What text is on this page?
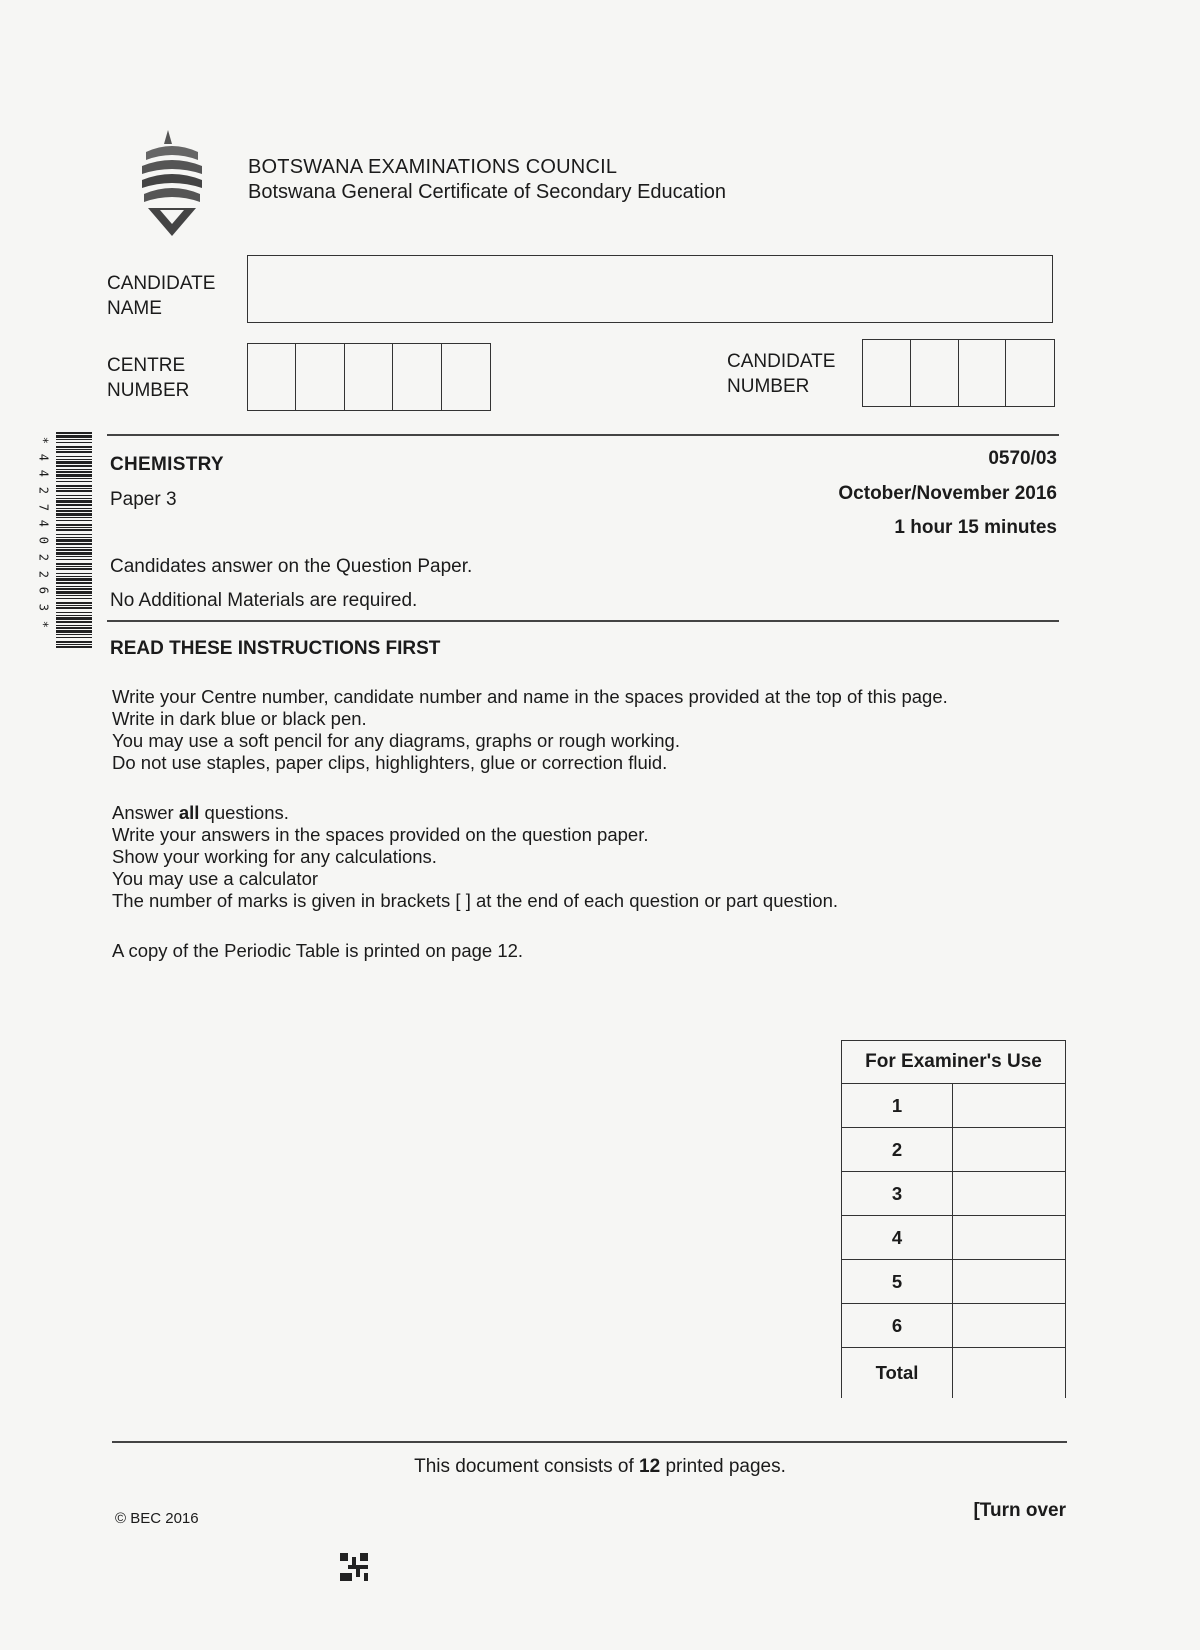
BOTSWANA EXAMINATIONS COUNCIL
Botswana General Certificate of Secondary Education
CANDIDATE
NAME
CENTRE
NUMBER
CANDIDATE
NUMBER
*
4
4
2
7
4
0
2
2
6
3
*
CHEMISTRY
Paper 3
0570/03
October/November 2016
1 hour 15 minutes
Candidates answer on the Question Paper.
No Additional Materials are required.
READ THESE INSTRUCTIONS FIRST
Write your Centre number, candidate number and name in the spaces provided at the top of this page.
Write in dark blue or black pen.
You may use a soft pencil for any diagrams, graphs or rough working.
Do not use staples, paper clips, highlighters, glue or correction fluid.
Answer all questions.
Write your answers in the spaces provided on the question paper.
Show your working for any calculations.
You may use a calculator
The number of marks is given in brackets [ ] at the end of each question or part question.
A copy of the Periodic Table is printed on page 12.
For Examiner's Use	
1	
2	
3	
4	
5	
6	
Total	
This document consists of 12 printed pages.
© BEC 2016	[Turn over
